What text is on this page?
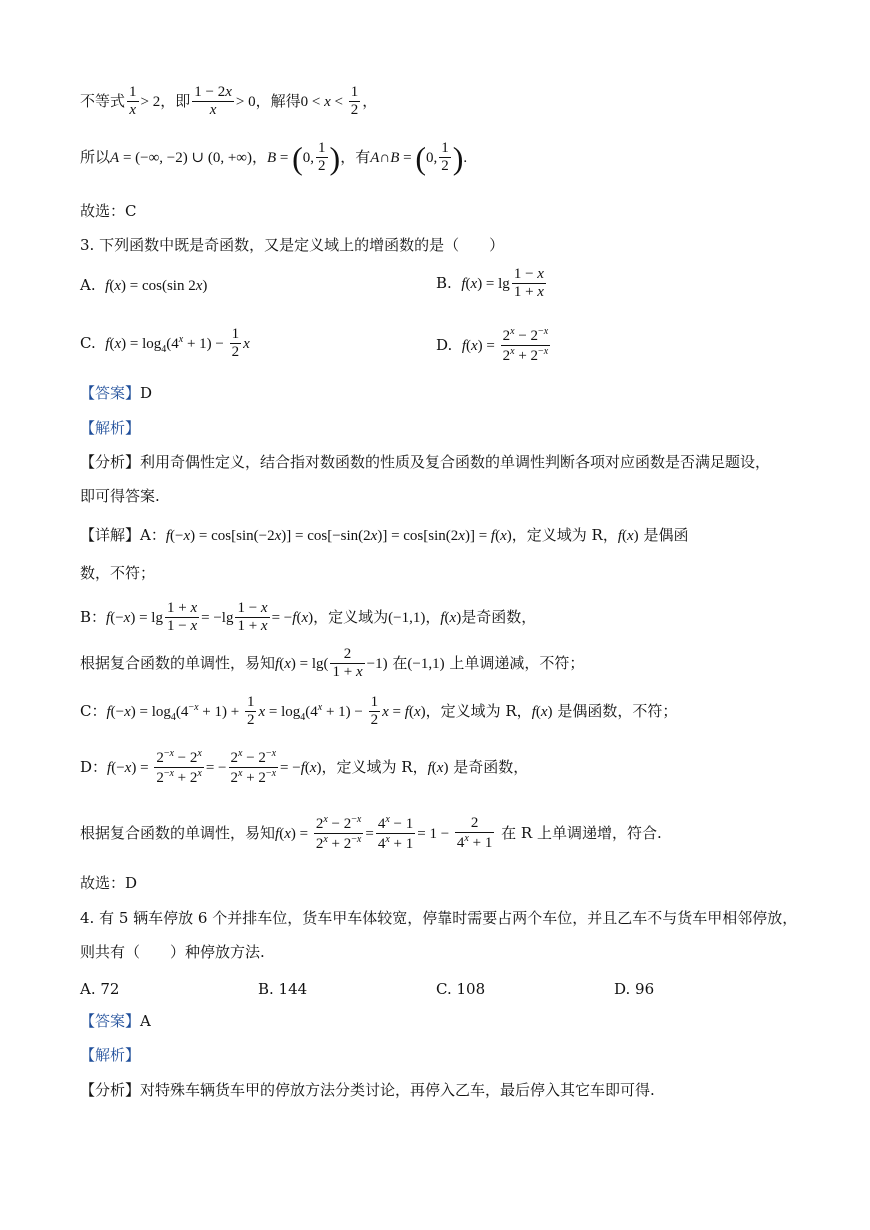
不等式 $\frac{1}{x} > 2$，即 $\frac{1 - 2x}{x} > 0$，解得$0 < x < \frac{1}{2}$ ，
所以A = (−∞, −2) ∪ (0, +∞)，B = (0, $\frac{1}{2}$ )，有A∩B = (0, $\frac{1}{2}$ ).
故选：C
3. 下列函数中既是奇函数，又是定义域上的增函数的是（　　）
A. f(x) = cos(sin 2x)	B. $f(x) = \lg \frac{1 - x}{1 + x}$
C. $f(x) = \log_4(4^x + 1) - \frac{1}{2}$ x	D. $f(x) = \frac{2^x - 2^{-x}}{2^x + 2^{-x}}$
【答案】D
【解析】
【分析】利用奇偶性定义，结合指对数函数的性质及复合函数的单调性判断各项对应函数是否满足题设，
即可得答案.
【详解】A：f(−x) = cos[sin(−2x)] = cos[−sin(2x)] = cos[sin(2x)] = f(x)，定义域为 R，f(x) 是偶函
数，不符；
B：$f(-x) = \lg \frac{1 + x}{1 - x} = -\lg \frac{1 - x}{1 + x} = -f(x)$，定义域为(−1,1)，f(x)是奇函数，
根据复合函数的单调性，易知$f(x) = \lg( \frac{2}{1 + x} -1)$ 在(−1,1) 上单调递减，不符；
C：$f(-x) = \log_4(4^{-x} + 1) + \frac{1}{2}$ $x = \log_4(4^x + 1) - \frac{1}{2}$ x = f(x)，定义域为 R，f(x) 是偶函数，不符；
D：$f(-x) = \frac{2^{-x} - 2^x}{2^{-x} + 2^x}$ = − $\frac{2^x - 2^{-x}}{2^x + 2^{-x}} = -f(x)$，定义域为 R，f(x) 是奇函数，
根据复合函数的单调性，易知$f(x) = \frac{2^x - 2^{-x}}{2^x + 2^{-x}} = \frac{4^x - 1}{4^x + 1} = 1 - \frac{2}{4^x + 1}$ 在 R 上单调递增，符合.
故选：D
4. 有 5 辆车停放 6 个并排车位，货车甲车体较宽，停靠时需要占两个车位，并且乙车不与货车甲相邻停放，
则共有（　　）种停放方法.
A. 72	B. 144	C. 108	D. 96
【答案】A
【解析】
【分析】对特殊车辆货车甲的停放方法分类讨论，再停入乙车，最后停入其它车即可得.
